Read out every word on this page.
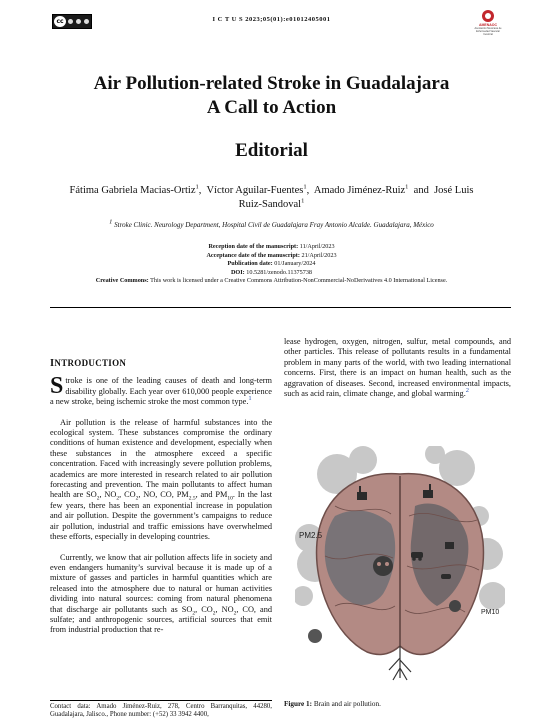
cc	I C T U S 2023;05(01):e01012405001
AMENAOC
Asociación Mexicana de Enfermedad Vascular Cerebral
Air Pollution-related Stroke in Guadalajara
A Call to Action
Editorial
Fátima Gabriela Macias-Ortiz$^1$,  Víctor Aguilar-Fuentes$^1$,  Amado Jiménez-Ruiz$^1$ and José Luis
Ruiz-Sandoval$^1$
$^1$ Stroke Clinic. Neurology Department, Hospital Civil de Guadalajara Fray Antonio Alcalde. Guadalajara, México
Reception date of the manuscript: 11/April/2023
Acceptance date of the manuscript: 21/April/2023
Publication date: 01/January/2024
DOI: 10.5281/zenodo.11375738
Creative Commons: This work is licensed under a Creative Commons Attribution-NonCommercial-NoDerivatives 4.0 International License.
INTRODUCTION

Stroke is one of the leading causes of death and long-term disability globally. Each year over 610,000 people experience a new stroke, being ischemic stroke the most common type.$^1$

Air pollution is the release of harmful substances into the ecological system. These substances compromise the ordinary conditions of human existence and development, especially when these substances in the atmosphere exceed a specific concentration. Faced with increasingly severe pollution problems, academics are more interested in research related to air pollution forecasting and prevention. The main pollutants to affect human health are $SO_2$, $NO_2$, $CO_2$, NO, CO, $PM_{2.5}$, and $PM_{10}$. In the last few years, there has been an exponential increase in population and air pollution. Despite the government’s campaigns to reduce air pollution, industrial and traffic emissions have overwhelmed these efforts, especially in developing countries.

Currently, we know that air pollution affects life in society and even endangers humanity’s survival because it is made up of a mixture of gasses and particles in harmful quantities which are released into the atmosphere due to natural or human activities dividing into natural sources: coming from natural phenomena that discharge air pollutants such as $SO_2$, $CO_2$, $NO_2$, CO, and sulfate; and anthropogenic sources, artificial sources that emit from industrial production that re-

Contact data: Amado Jiménez-Ruiz, 278, Centro Barranquitas, 44280, Guadalajara, Jalisco., Phone number: (+52) 33 3942 4400,

lease hydrogen, oxygen, nitrogen, sulfur, metal compounds, and other particles. This release of pollutants results in a fundamental problem in many parts of the world, with two leading international concerns. First, there is an impact on human health, such as the aggravation of diseases. Second, increased environmental impacts, such as acid rain, climate change, and global warming.$^2$

PM2.5
PM10
Figure 1: Brain and air pollution.
